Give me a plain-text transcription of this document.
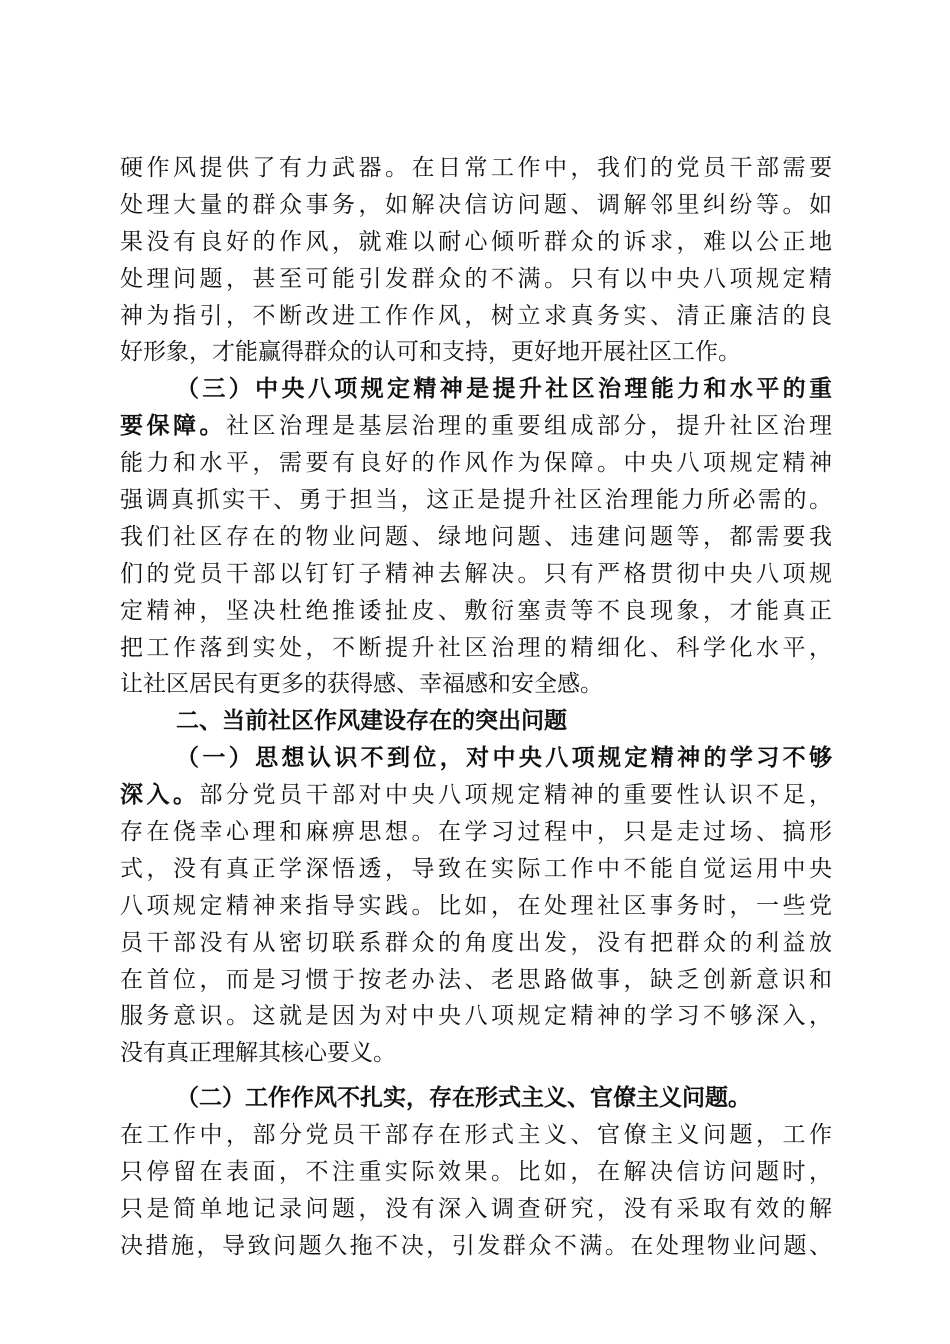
硬作风提供了有力武器。在日常工作中，我们的党员干部需要
处理大量的群众事务，如解决信访问题、调解邻里纠纷等。如
果没有良好的作风，就难以耐心倾听群众的诉求，难以公正地
处理问题，甚至可能引发群众的不满。只有以中央八项规定精
神为指引，不断改进工作作风，树立求真务实、清正廉洁的良
好形象，才能赢得群众的认可和支持，更好地开展社区工作。
（三）中央八项规定精神是提升社区治理能力和水平的重
要保障。社区治理是基层治理的重要组成部分，提升社区治理
能力和水平，需要有良好的作风作为保障。中央八项规定精神
强调真抓实干、勇于担当，这正是提升社区治理能力所必需的。
我们社区存在的物业问题、绿地问题、违建问题等，都需要我
们的党员干部以钉钉子精神去解决。只有严格贯彻中央八项规
定精神，坚决杜绝推诿扯皮、敷衍塞责等不良现象，才能真正
把工作落到实处，不断提升社区治理的精细化、科学化水平，
让社区居民有更多的获得感、幸福感和安全感。
二、当前社区作风建设存在的突出问题
（一）思想认识不到位，对中央八项规定精神的学习不够
深入。部分党员干部对中央八项规定精神的重要性认识不足，
存在侥幸心理和麻痹思想。在学习过程中，只是走过场、搞形
式，没有真正学深悟透，导致在实际工作中不能自觉运用中央
八项规定精神来指导实践。比如，在处理社区事务时，一些党
员干部没有从密切联系群众的角度出发，没有把群众的利益放
在首位，而是习惯于按老办法、老思路做事，缺乏创新意识和
服务意识。这就是因为对中央八项规定精神的学习不够深入，
没有真正理解其核心要义。
（二）工作作风不扎实，存在形式主义、官僚主义问题。
在工作中，部分党员干部存在形式主义、官僚主义问题，工作
只停留在表面，不注重实际效果。比如，在解决信访问题时，
只是简单地记录问题，没有深入调查研究，没有采取有效的解
决措施，导致问题久拖不决，引发群众不满。在处理物业问题、
